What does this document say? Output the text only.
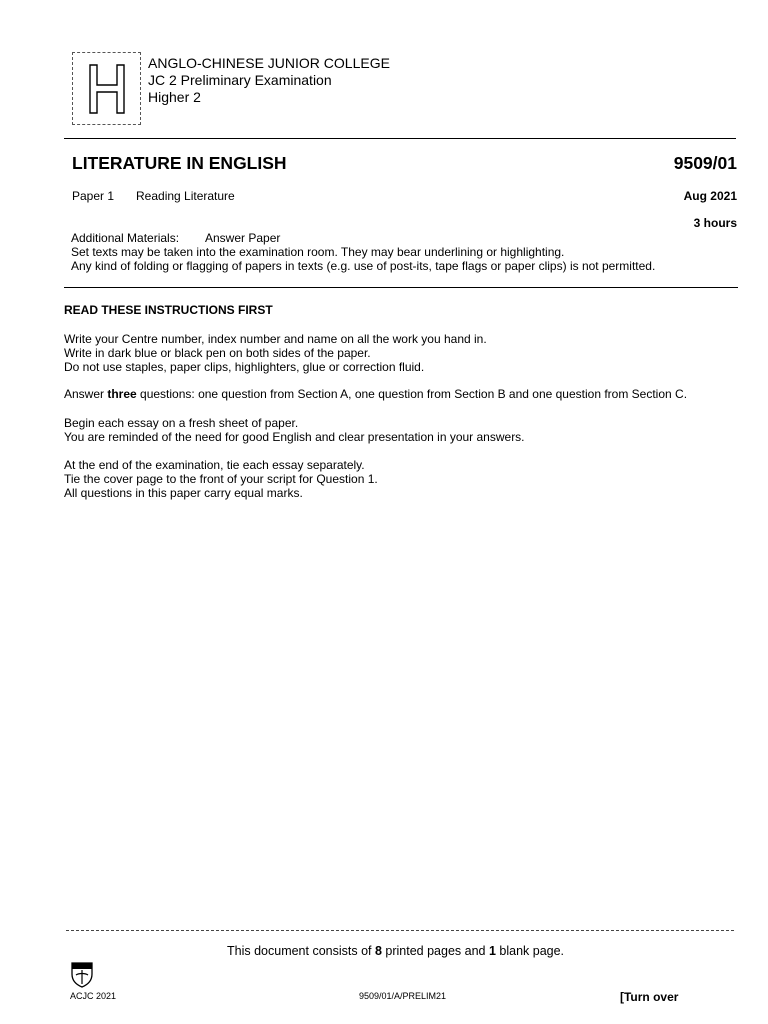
ANGLO-CHINESE JUNIOR COLLEGE
JC 2 Preliminary Examination
Higher 2
LITERATURE IN ENGLISH	9509/01
Paper 1 Reading Literature	Aug 2021
3 hours
Additional Materials: Answer Paper
Set texts may be taken into the examination room. They may bear underlining or highlighting.
Any kind of folding or flagging of papers in texts (e.g. use of post-its, tape flags or paper clips) is not permitted.
READ THESE INSTRUCTIONS FIRST
Write your Centre number, index number and name on all the work you hand in.
Write in dark blue or black pen on both sides of the paper.
Do not use staples, paper clips, highlighters, glue or correction fluid.
Answer three questions: one question from Section A, one question from Section B and one question from Section C.
Begin each essay on a fresh sheet of paper.
You are reminded of the need for good English and clear presentation in your answers.
At the end of the examination, tie each essay separately.
Tie the cover page to the front of your script for Question 1.
All questions in this paper carry equal marks.
This document consists of 8 printed pages and 1 blank page.
ACJC 2021	9509/01/A/PRELIM21	[Turn over
